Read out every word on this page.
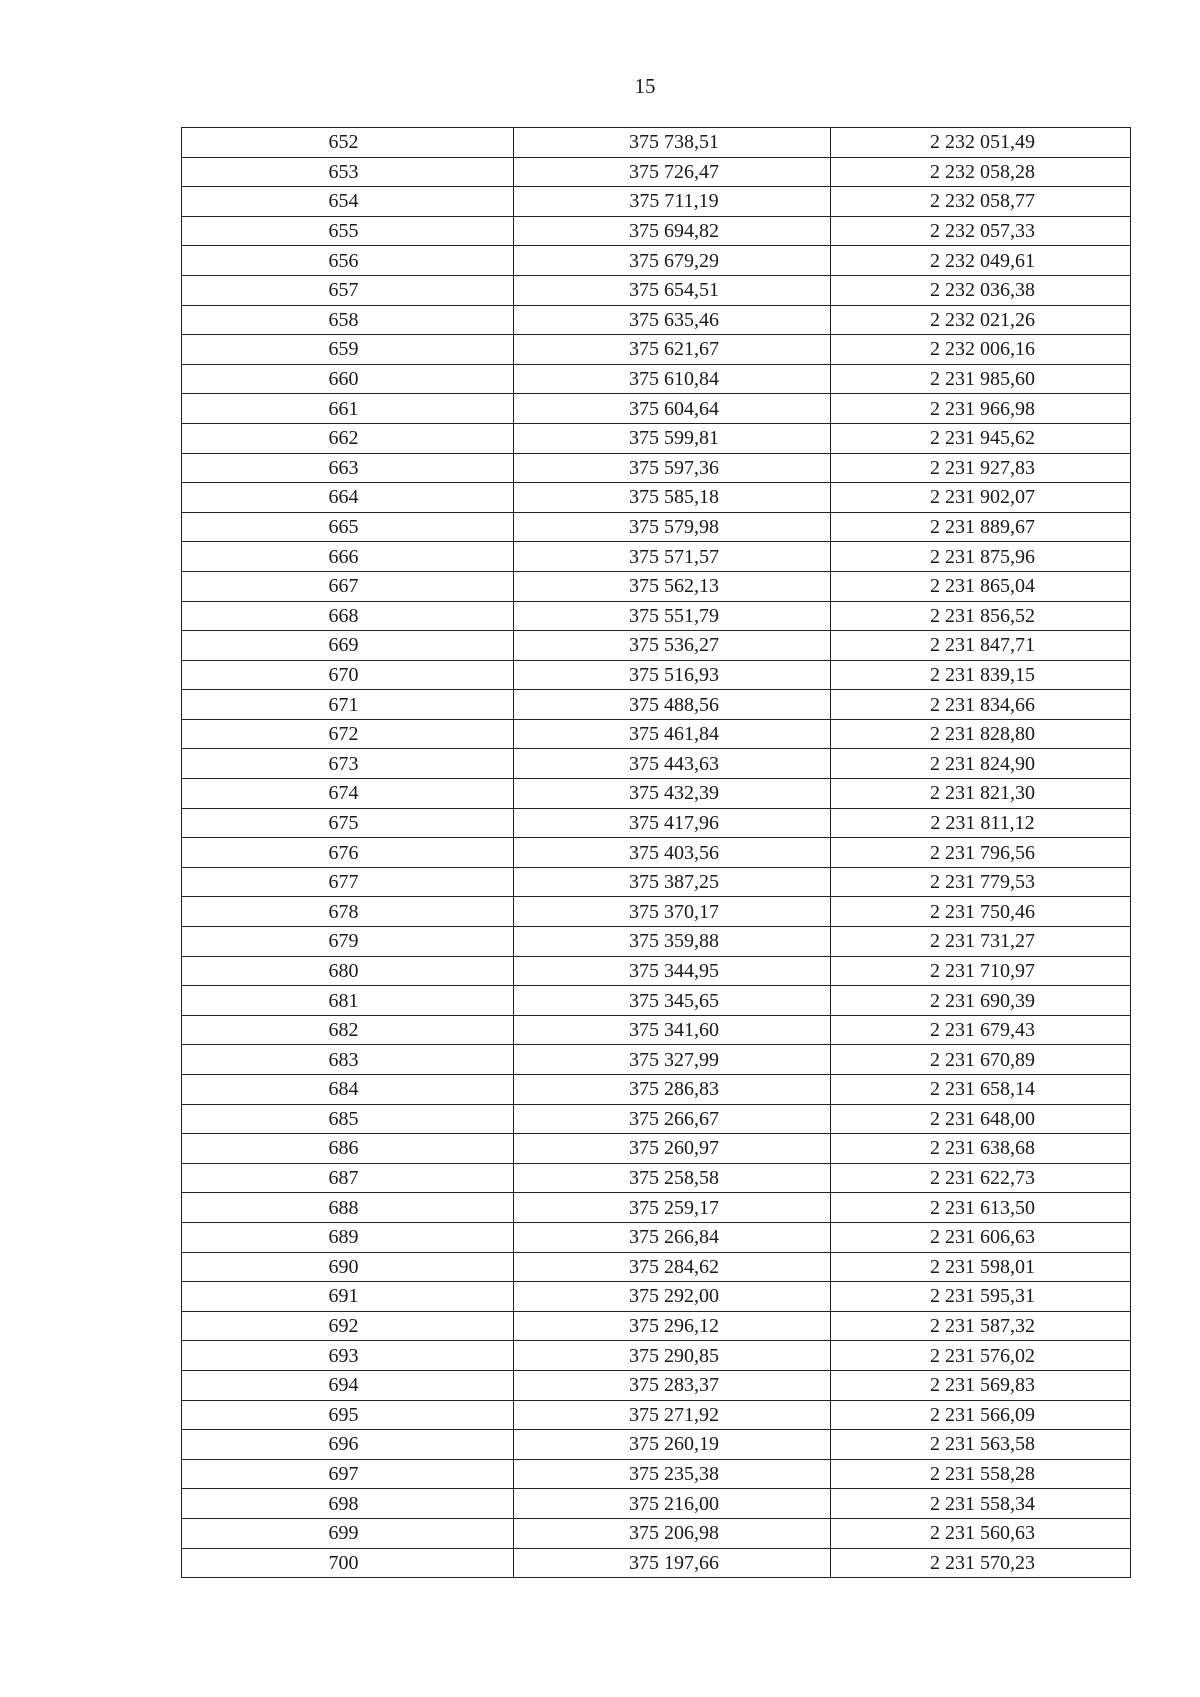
15
652	375 738,51	2 232 051,49
653	375 726,47	2 232 058,28
654	375 711,19	2 232 058,77
655	375 694,82	2 232 057,33
656	375 679,29	2 232 049,61
657	375 654,51	2 232 036,38
658	375 635,46	2 232 021,26
659	375 621,67	2 232 006,16
660	375 610,84	2 231 985,60
661	375 604,64	2 231 966,98
662	375 599,81	2 231 945,62
663	375 597,36	2 231 927,83
664	375 585,18	2 231 902,07
665	375 579,98	2 231 889,67
666	375 571,57	2 231 875,96
667	375 562,13	2 231 865,04
668	375 551,79	2 231 856,52
669	375 536,27	2 231 847,71
670	375 516,93	2 231 839,15
671	375 488,56	2 231 834,66
672	375 461,84	2 231 828,80
673	375 443,63	2 231 824,90
674	375 432,39	2 231 821,30
675	375 417,96	2 231 811,12
676	375 403,56	2 231 796,56
677	375 387,25	2 231 779,53
678	375 370,17	2 231 750,46
679	375 359,88	2 231 731,27
680	375 344,95	2 231 710,97
681	375 345,65	2 231 690,39
682	375 341,60	2 231 679,43
683	375 327,99	2 231 670,89
684	375 286,83	2 231 658,14
685	375 266,67	2 231 648,00
686	375 260,97	2 231 638,68
687	375 258,58	2 231 622,73
688	375 259,17	2 231 613,50
689	375 266,84	2 231 606,63
690	375 284,62	2 231 598,01
691	375 292,00	2 231 595,31
692	375 296,12	2 231 587,32
693	375 290,85	2 231 576,02
694	375 283,37	2 231 569,83
695	375 271,92	2 231 566,09
696	375 260,19	2 231 563,58
697	375 235,38	2 231 558,28
698	375 216,00	2 231 558,34
699	375 206,98	2 231 560,63
700	375 197,66	2 231 570,23
